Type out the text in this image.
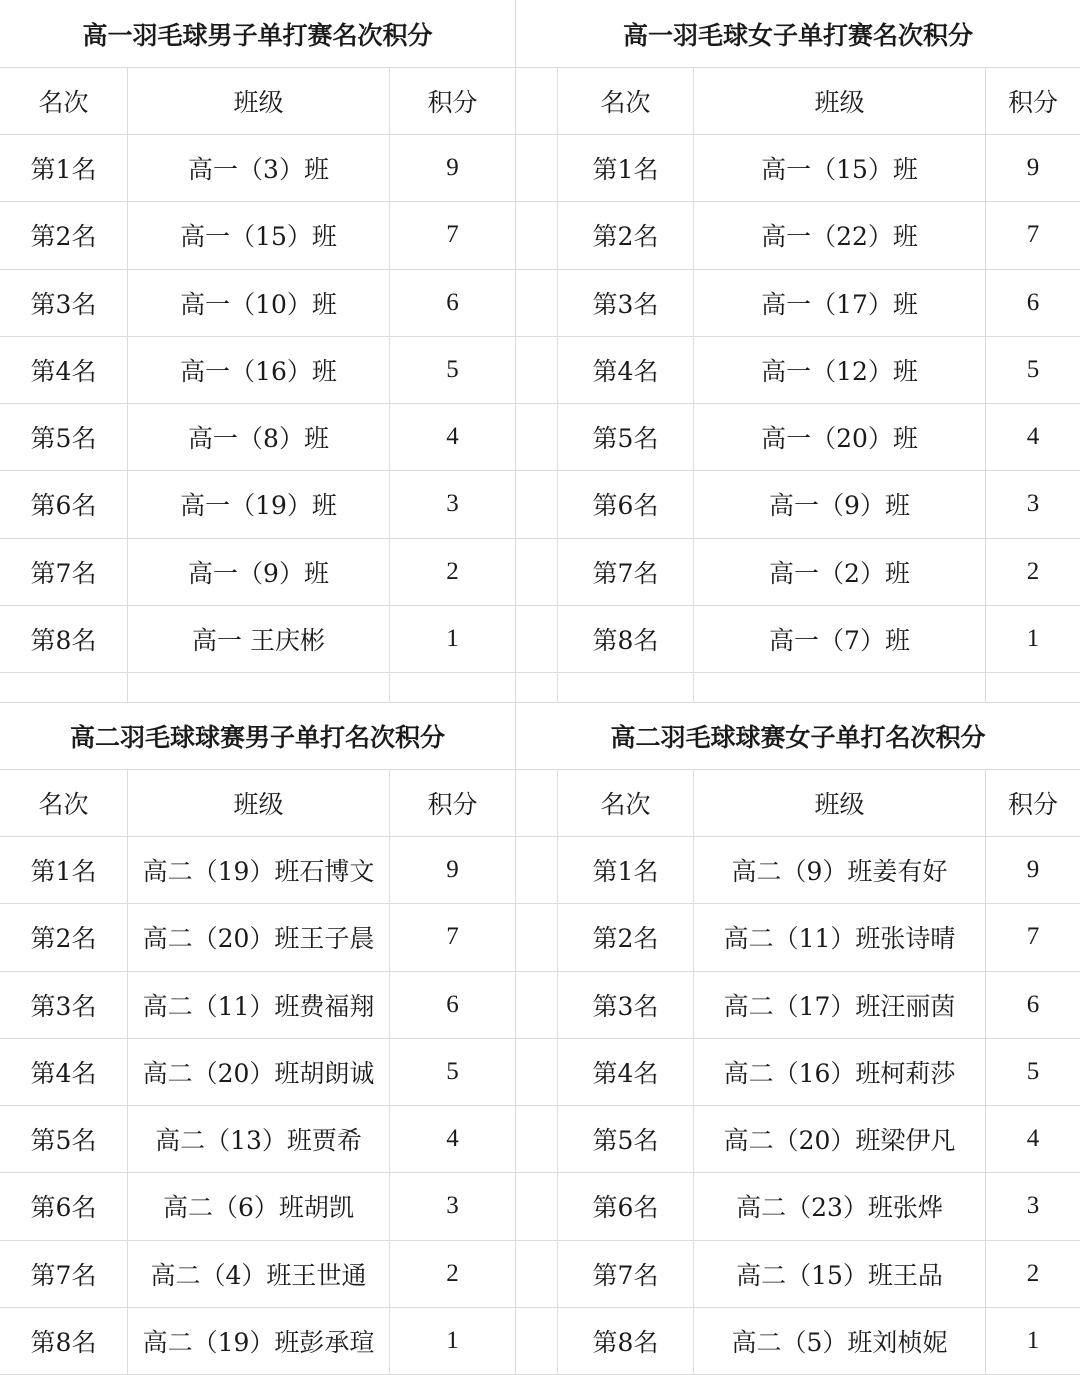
高一羽毛球男子单打赛名次积分	高一羽毛球女子单打赛名次积分
名次	班级	积分	名次	班级	积分
第1名	高一（3）班	9	第1名	高一（15）班	9
第2名	高一（15）班	7	第2名	高一（22）班	7
第3名	高一（10）班	6	第3名	高一（17）班	6
第4名	高一（16）班	5	第4名	高一（12）班	5
第5名	高一（8）班	4	第5名	高一（20）班	4
第6名	高一（19）班	3	第6名	高一（9）班	3
第7名	高一（9）班	2	第7名	高一（2）班	2
第8名	高一 王庆彬	1	第8名	高一（7）班	1
高二羽毛球球赛男子单打名次积分	高二羽毛球球赛女子单打名次积分
名次	班级	积分	名次	班级	积分
第1名	高二（19）班石博文	9	第1名	高二（9）班姜有好	9
第2名	高二（20）班王子晨	7	第2名	高二（11）班张诗晴	7
第3名	高二（11）班费福翔	6	第3名	高二（17）班汪丽茵	6
第4名	高二（20）班胡朗诚	5	第4名	高二（16）班柯莉莎	5
第5名	高二（13）班贾希	4	第5名	高二（20）班梁伊凡	4
第6名	高二（6）班胡凯	3	第6名	高二（23）班张烨	3
第7名	高二（4）班王世通	2	第7名	高二（15）班王品	2
第8名	高二（19）班彭承瑄	1	第8名	高二（5）班刘桢妮	1
